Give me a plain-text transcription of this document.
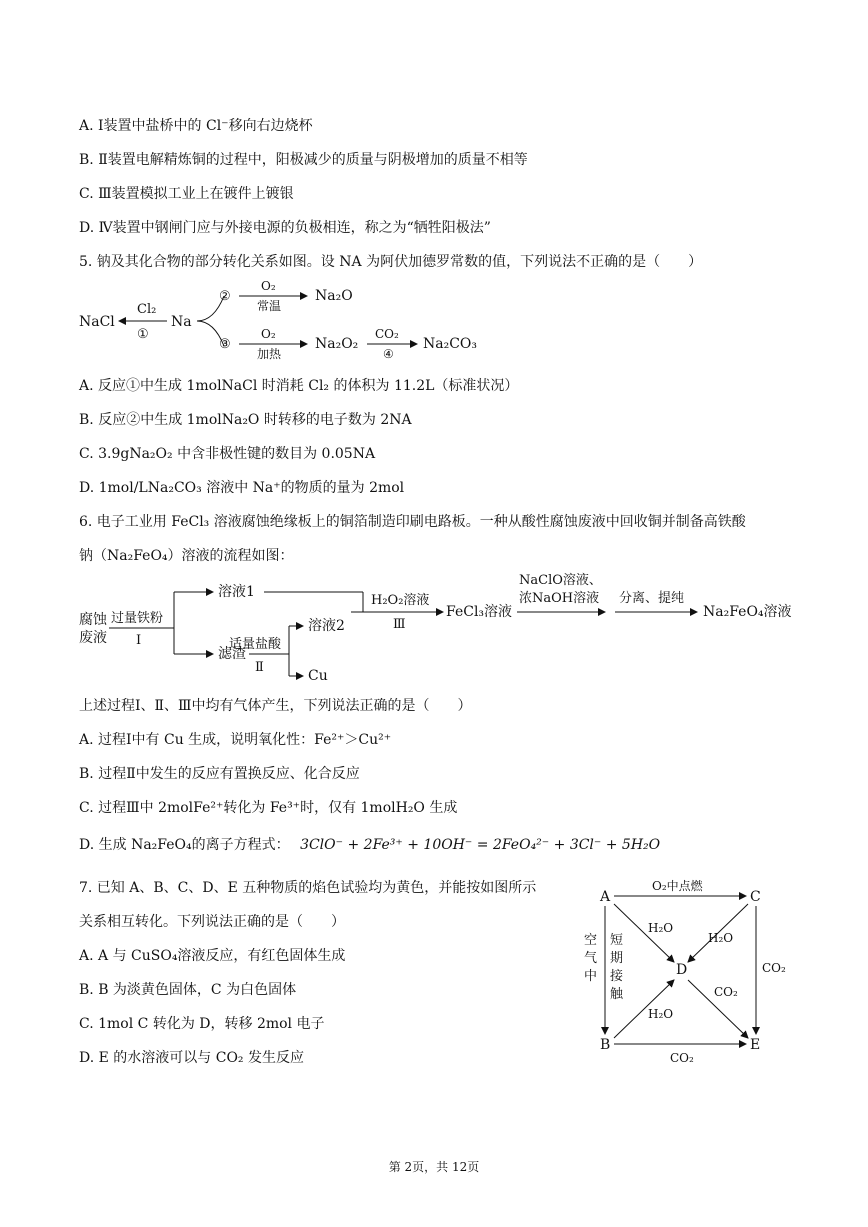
A. Ⅰ装置中盐桥中的 Cl⁻移向右边烧杯
B. Ⅱ装置电解精炼铜的过程中，阳极减少的质量与阴极增加的质量不相等
C. Ⅲ装置模拟工业上在镀件上镀银
D. Ⅳ装置中钢闸门应与外接电源的负极相连，称之为“牺牲阳极法”
5. 钠及其化合物的部分转化关系如图。设 NA 为阿伏加德罗常数的值，下列说法不正确的是（　　）
NaCl
Cl₂
①
Na
②
③
O₂
常温
Na₂O
O₂
加热
Na₂O₂
CO₂
④
Na₂CO₃
A. 反应①中生成 1molNaCl 时消耗 Cl₂ 的体积为 11.2L（标准状况）
B. 反应②中生成 1molNa₂O 时转移的电子数为 2NA
C. 3.9gNa₂O₂ 中含非极性键的数目为 0.05NA
D. 1mol/LNa₂CO₃ 溶液中 Na⁺的物质的量为 2mol
6. 电子工业用 FeCl₃ 溶液腐蚀绝缘板上的铜箔制造印刷电路板。一种从酸性腐蚀废液中回收铜并制备高铁酸
钠（Na₂FeO₄）溶液的流程如图：
腐蚀
废液
过量铁粉
Ⅰ
溶液1
滤渣
适量盐酸
Ⅱ
溶液2
Cu
H₂O₂溶液
Ⅲ
FeCl₃溶液
NaClO溶液、
浓NaOH溶液 分离、提纯
Na₂FeO₄溶液
上述过程Ⅰ、Ⅱ、Ⅲ中均有气体产生，下列说法正确的是（　　）
A. 过程Ⅰ中有 Cu 生成，说明氧化性：Fe²⁺＞Cu²⁺
B. 过程Ⅱ中发生的反应有置换反应、化合反应
C. 过程Ⅲ中 2molFe²⁺转化为 Fe³⁺时，仅有 1molH₂O 生成
D. 生成 Na₂FeO₄的离子方程式： 3ClO⁻ + 2Fe³⁺ + 10OH⁻ = 2FeO₄²⁻ + 3Cl⁻ + 5H₂O
7. 已知 A、B、C、D、E 五种物质的焰色试验均为黄色，并能按如图所示
关系相互转化。下列说法正确的是（　　）
A. A 与 CuSO₄溶液反应，有红色固体生成
B. B 为淡黄色固体，C 为白色固体
C. 1mol C 转化为 D，转移 2mol 电子
D. E 的水溶液可以与 CO₂ 发生反应
A	C
D
B	E
O₂中点燃
空
气
中
短
期
接
触
CO₂
H₂O
H₂O
H₂O
CO₂
CO₂
第 2页，共 12页
